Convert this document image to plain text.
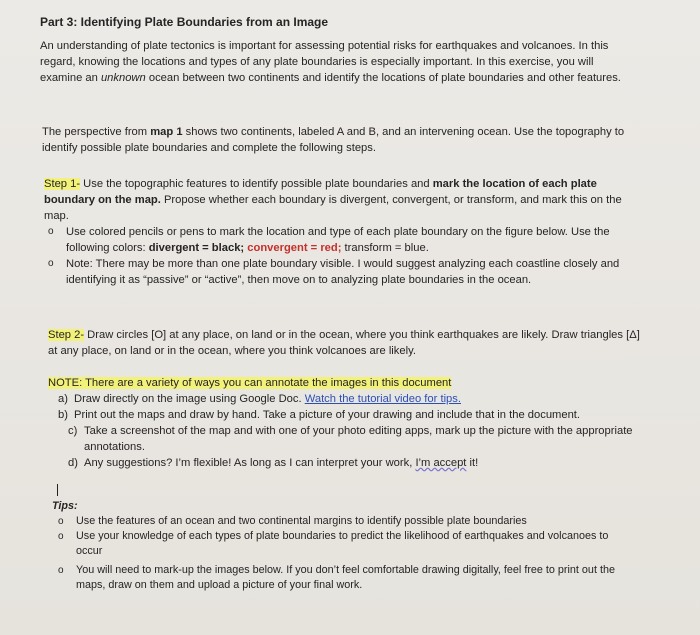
Part 3: Identifying Plate Boundaries from an Image

An understanding of plate tectonics is important for assessing potential risks for earthquakes and volcanoes. In this regard, knowing the locations and types of any plate boundaries is especially important. In this exercise, you will examine an unknown ocean between two continents and identify the locations of plate boundaries and other features.

The perspective from map 1 shows two continents, labeled A and B, and an intervening ocean. Use the topography to identify possible plate boundaries and complete the following steps.

Step 1- Use the topographic features to identify possible plate boundaries and mark the location of each plate boundary on the map. Propose whether each boundary is divergent, convergent, or transform, and mark this on the map.

o Use colored pencils or pens to mark the location and type of each plate boundary on the figure below. Use the following colors: divergent = black; convergent = red; transform = blue.
o Note: There may be more than one plate boundary visible. I would suggest analyzing each coastline closely and identifying it as “passive” or “active”, then move on to analyzing plate boundaries in the ocean.

Step 2- Draw circles [O] at any place, on land or in the ocean, where you think earthquakes are likely. Draw triangles [Δ] at any place, on land or in the ocean, where you think volcanoes are likely.

NOTE: There are a variety of ways you can annotate the images in this document

a) Draw directly on the image using Google Doc. Watch the tutorial video for tips.
b) Print out the maps and draw by hand. Take a picture of your drawing and include that in the document.
c) Take a screenshot of the map and with one of your photo editing apps, mark up the picture with the appropriate annotations.
d) Any suggestions? I’m flexible! As long as I can interpret your work, I’m accept it!

Tips:

o Use the features of an ocean and two continental margins to identify possible plate boundaries
o Use your knowledge of each types of plate boundaries to predict the likelihood of earthquakes and volcanoes to occur
o You will need to mark-up the images below. If you don’t feel comfortable drawing digitally, feel free to print out the maps, draw on them and upload a picture of your final work.
